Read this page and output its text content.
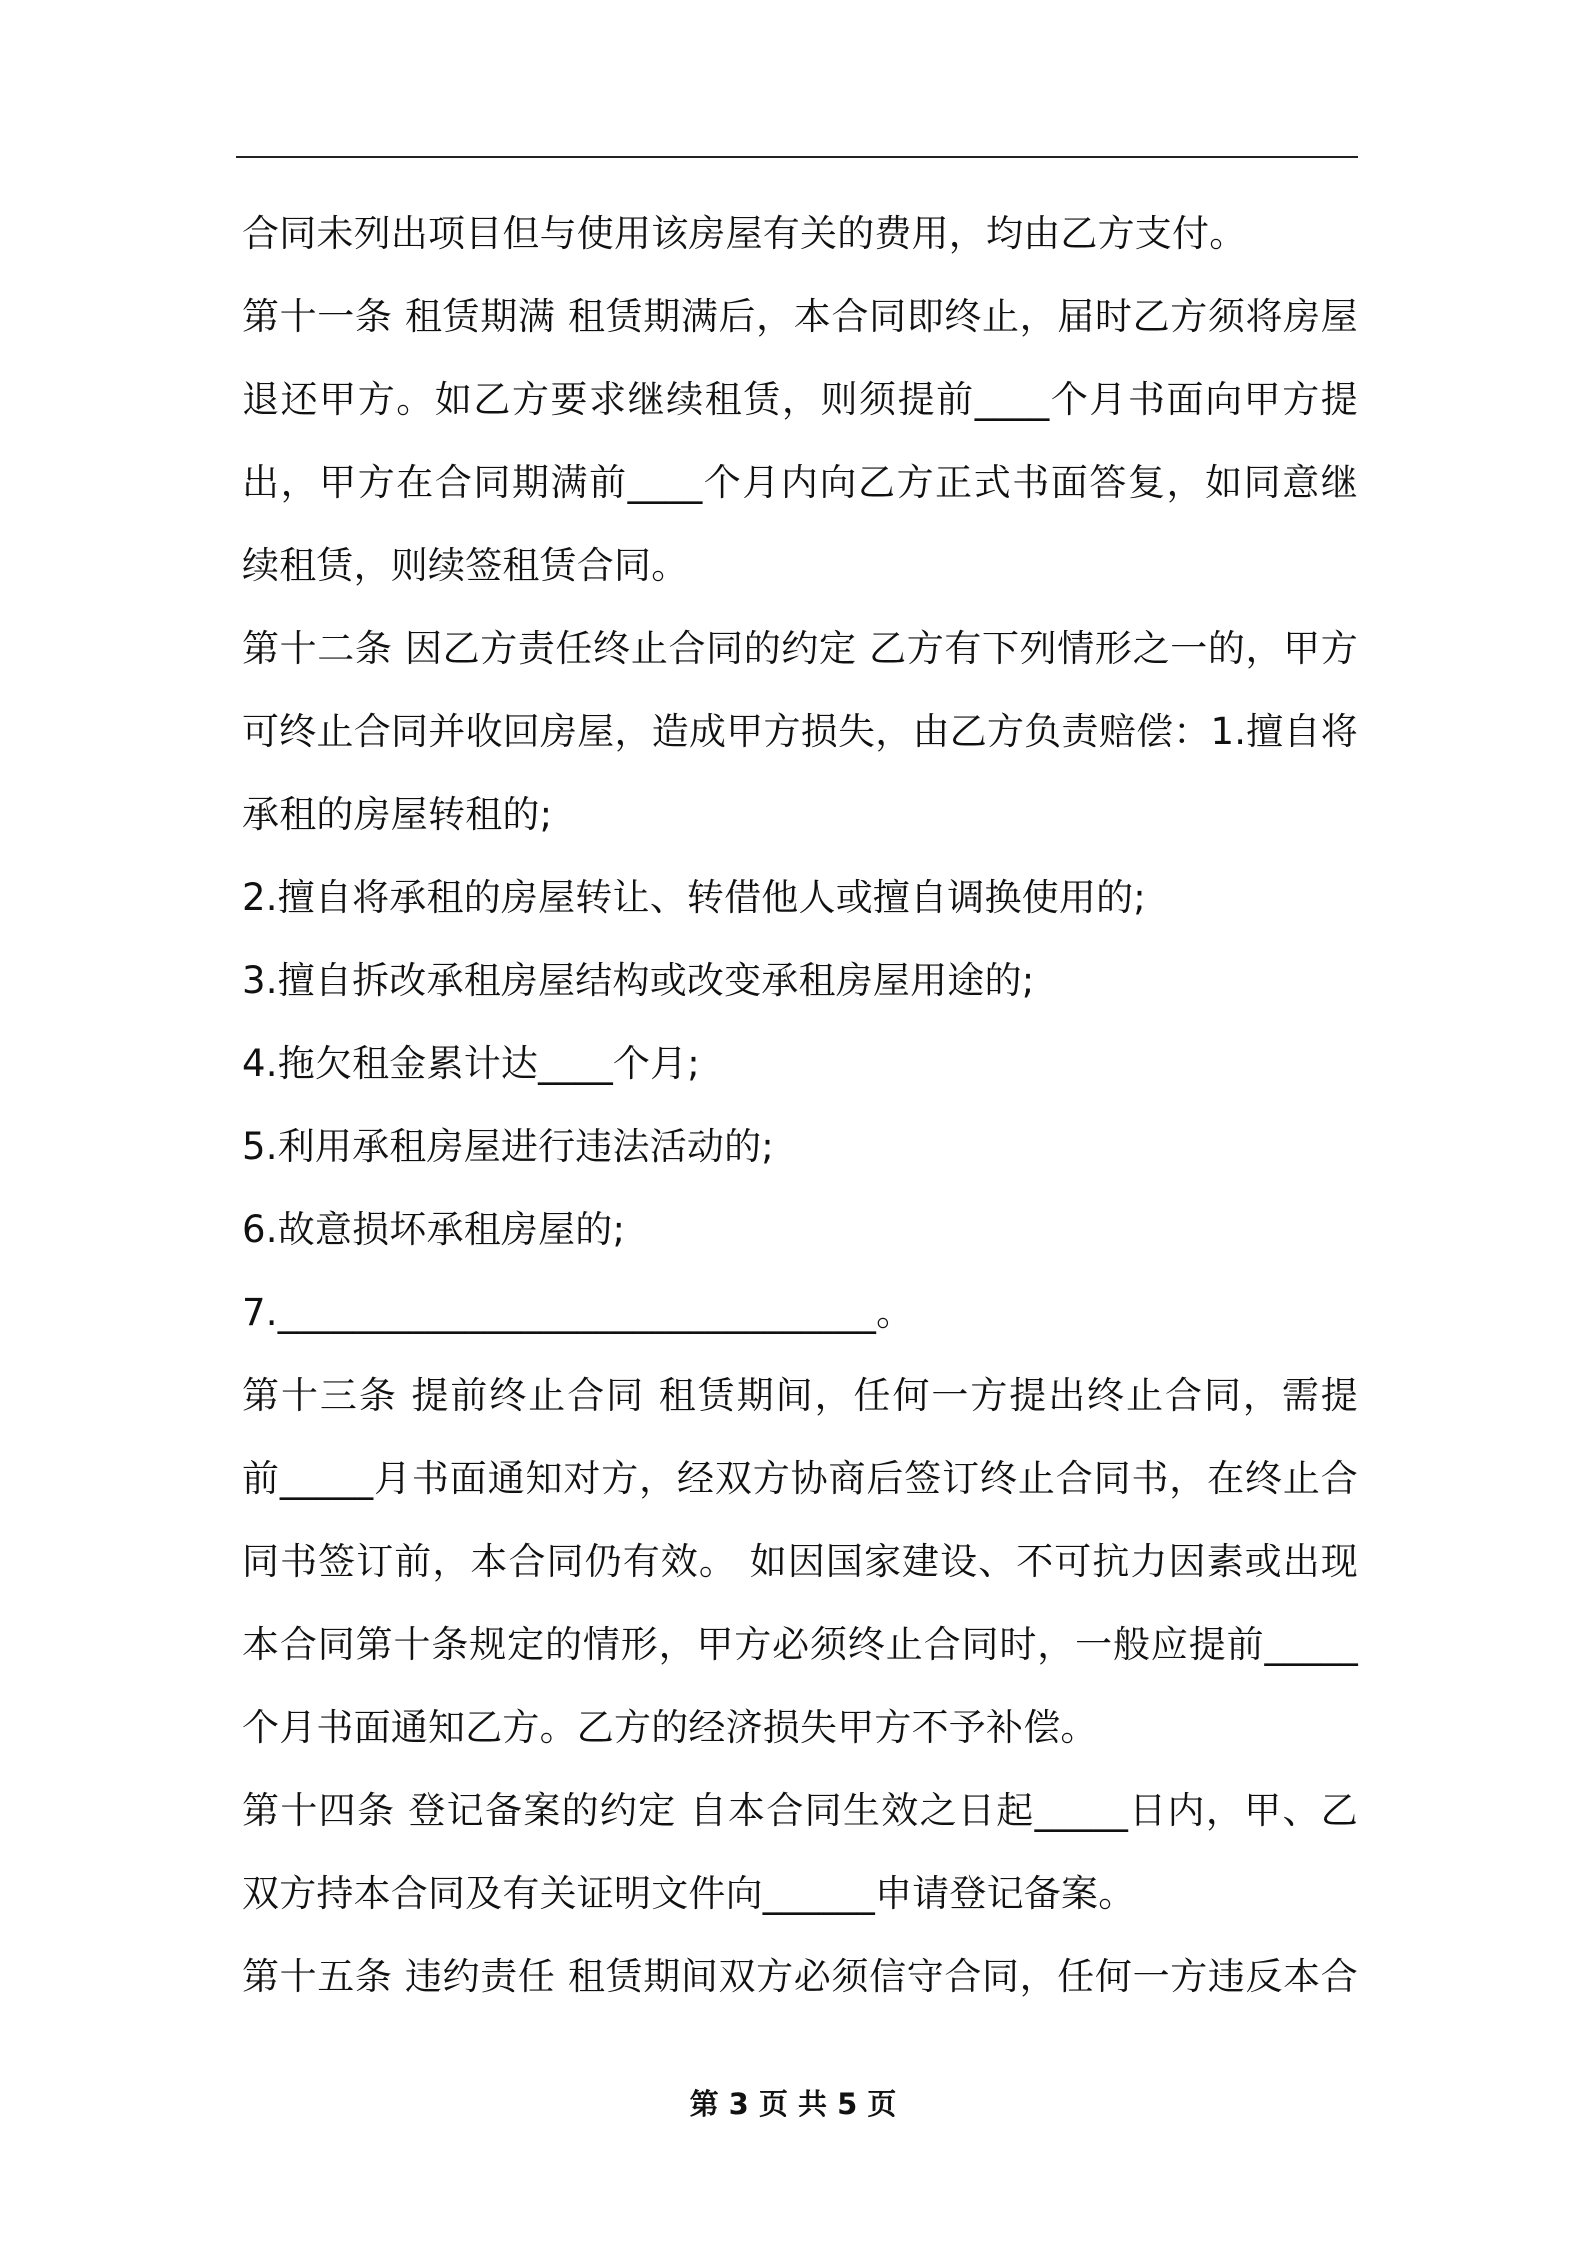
合同未列出项目但与使用该房屋有关的费用，均由乙方支付。
第十一条 租赁期满 租赁期满后，本合同即终止，届时乙方须将房屋
退还甲方。如乙方要求继续租赁，则须提前____个月书面向甲方提
出，甲方在合同期满前____个月内向乙方正式书面答复，如同意继
续租赁，则续签租赁合同。
第十二条 因乙方责任终止合同的约定 乙方有下列情形之一的，甲方
可终止合同并收回房屋，造成甲方损失，由乙方负责赔偿：1.擅自将
承租的房屋转租的;
2.擅自将承租的房屋转让、转借他人或擅自调换使用的;
3.擅自拆改承租房屋结构或改变承租房屋用途的;
4.拖欠租金累计达____个月;
5.利用承租房屋进行违法活动的;
6.故意损坏承租房屋的;
7.________________________________。
第十三条 提前终止合同 租赁期间，任何一方提出终止合同，需提
前_____月书面通知对方，经双方协商后签订终止合同书，在终止合
同书签订前，本合同仍有效。 如因国家建设、不可抗力因素或出现
本合同第十条规定的情形，甲方必须终止合同时，一般应提前_____
个月书面通知乙方。乙方的经济损失甲方不予补偿。
第十四条 登记备案的约定 自本合同生效之日起_____日内，甲、乙
双方持本合同及有关证明文件向______申请登记备案。
第十五条 违约责任 租赁期间双方必须信守合同，任何一方违反本合
第 3 页 共 5 页
